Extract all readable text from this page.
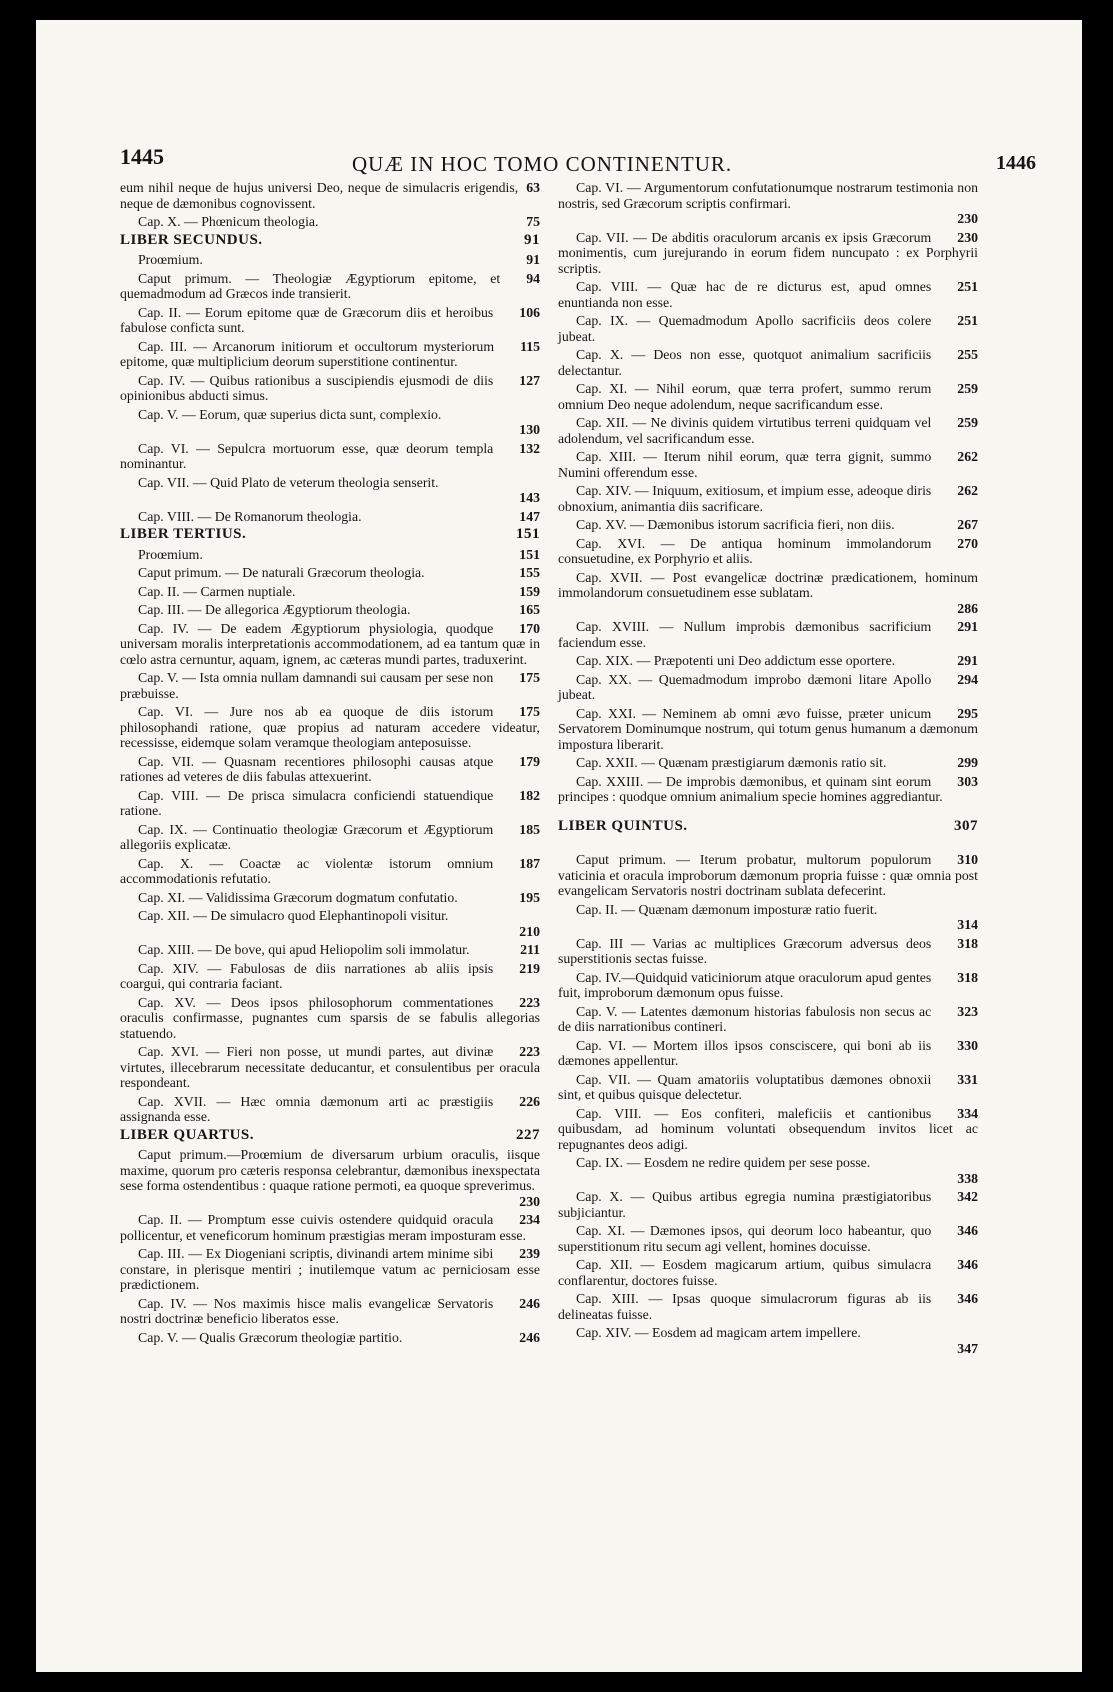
1445	QUÆ IN HOC TOMO CONTINENTUR.	1446
63
eum nihil neque de hujus universi Deo, neque de simulacris erigendis, neque de dæmonibus cognovissent.
75
Cap. X. — Phœnicum theologia.
91
LIBER SECUNDUS.
91
Proœmium.
94
Caput primum. — Theologiæ Ægyptiorum epitome, et quemadmodum ad Græcos inde transierit.
106
Cap. II. — Eorum epitome quæ de Græcorum diis et heroibus fabulose conficta sunt.
115
Cap. III. — Arcanorum initiorum et occultorum mysteriorum epitome, quæ multiplicium deorum superstitione continentur.
127
Cap. IV. — Quibus rationibus a suscipiendis ejusmodi de diis opinionibus abducti simus.
Cap. V. — Eorum, quæ superius dicta sunt, complexio.
130
132
Cap. VI. — Sepulcra mortuorum esse, quæ deorum templa nominantur.
Cap. VII. — Quid Plato de veterum theologia senserit.
143
147
Cap. VIII. — De Romanorum theologia.
151
LIBER TERTIUS.
151
Proœmium.
155
Caput primum. — De naturali Græcorum theologia.
159
Cap. II. — Carmen nuptiale.
165
Cap. III. — De allegorica Ægyptiorum theologia.
170
Cap. IV. — De eadem Ægyptiorum physiologia, quodque universam moralis interpretationis accommodationem, ad ea tantum quæ in cœlo astra cernuntur, aquam, ignem, ac cæteras mundi partes, traduxerint.
175
Cap. V. — Ista omnia nullam damnandi sui causam per sese non præbuisse.
175
Cap. VI. — Jure nos ab ea quoque de diis istorum philosophandi ratione, quæ propius ad naturam accedere videatur, recessisse, eidemque solam veramque theologiam anteposuisse.
179
Cap. VII. — Quasnam recentiores philosophi causas atque rationes ad veteres de diis fabulas attexuerint.
182
Cap. VIII. — De prisca simulacra conficiendi statuendique ratione.
185
Cap. IX. — Continuatio theologiæ Græcorum et Ægyptiorum allegoriis explicatæ.
187
Cap. X. — Coactæ ac violentæ istorum omnium accommodationis refutatio.
195
Cap. XI. — Validissima Græcorum dogmatum confutatio.
Cap. XII. — De simulacro quod Elephantinopoli visitur.
210
211
Cap. XIII. — De bove, qui apud Heliopolim soli immolatur.
219
Cap. XIV. — Fabulosas de diis narrationes ab aliis ipsis coargui, qui contraria faciant.
223
Cap. XV. — Deos ipsos philosophorum commentationes oraculis confirmasse, pugnantes cum sparsis de se fabulis allegorias statuendo.
223
Cap. XVI. — Fieri non posse, ut mundi partes, aut divinæ virtutes, illecebrarum necessitate deducantur, et consulentibus per oracula respondeant.
226
Cap. XVII. — Hæc omnia dæmonum arti ac præstigiis assignanda esse.
227
LIBER QUARTUS.
Caput primum.—Proœmium de diversarum urbium oraculis, iisque maxime, quorum pro cæteris responsa celebrantur, dæmonibus inexspectata sese forma ostendentibus : quaque ratione permoti, ea quoque spreverimus.
230
234
Cap. II. — Promptum esse cuivis ostendere quidquid oracula pollicentur, et veneficorum hominum præstigias meram imposturam esse.
239
Cap. III. — Ex Diogeniani scriptis, divinandi artem minime sibi constare, in plerisque mentiri ; inutilemque vatum ac perniciosam esse prædictionem.
246
Cap. IV. — Nos maximis hisce malis evangelicæ Servatoris nostri doctrinæ beneficio liberatos esse.
246
Cap. V. — Qualis Græcorum theologiæ partitio.
Cap. VI. — Argumentorum confutationumque nostrarum testimonia non nostris, sed Græcorum scriptis confirmari.
230
230
Cap. VII. — De abditis oraculorum arcanis ex ipsis Græcorum monimentis, cum jurejurando in eorum fidem nuncupato : ex Porphyrii scriptis.
251
Cap. VIII. — Quæ hac de re dicturus est, apud omnes enuntianda non esse.
251
Cap. IX. — Quemadmodum Apollo sacrificiis deos colere jubeat.
255
Cap. X. — Deos non esse, quotquot animalium sacrificiis delectantur.
259
Cap. XI. — Nihil eorum, quæ terra profert, summo rerum omnium Deo neque adolendum, neque sacrificandum esse.
259
Cap. XII. — Ne divinis quidem virtutibus terreni quidquam vel adolendum, vel sacrificandum esse.
262
Cap. XIII. — Iterum nihil eorum, quæ terra gignit, summo Numini offerendum esse.
262
Cap. XIV. — Iniquum, exitiosum, et impium esse, adeoque diris obnoxium, animantia diis sacrificare.
267
Cap. XV. — Dæmonibus istorum sacrificia fieri, non diis.
270
Cap. XVI. — De antiqua hominum immolandorum consuetudine, ex Porphyrio et aliis.
Cap. XVII. — Post evangelicæ doctrinæ prædicationem, hominum immolandorum consuetudinem esse sublatam.
286
291
Cap. XVIII. — Nullum improbis dæmonibus sacrificium faciendum esse.
291
Cap. XIX. — Præpotenti uni Deo addictum esse oportere.
294
Cap. XX. — Quemadmodum improbo dæmoni litare Apollo jubeat.
295
Cap. XXI. — Neminem ab omni ævo fuisse, præter unicum Servatorem Dominumque nostrum, qui totum genus humanum a dæmonum impostura liberarit.
299
Cap. XXII. — Quænam præstigiarum dæmonis ratio sit.
303
Cap. XXIII. — De improbis dæmonibus, et quinam sint eorum principes : quodque omnium animalium specie homines aggrediantur.
307
LIBER QUINTUS.
310
Caput primum. — Iterum probatur, multorum populorum vaticinia et oracula improborum dæmonum propria fuisse : quæ omnia post evangelicam Servatoris nostri doctrinam sublata defecerint.
Cap. II. — Quænam dæmonum imposturæ ratio fuerit.
314
318
Cap. III — Varias ac multiplices Græcorum adversus deos superstitionis sectas fuisse.
318
Cap. IV.—Quidquid vaticiniorum atque oraculorum apud gentes fuit, improborum dæmonum opus fuisse.
323
Cap. V. — Latentes dæmonum historias fabulosis non secus ac de diis narrationibus contineri.
330
Cap. VI. — Mortem illos ipsos consciscere, qui boni ab iis dæmones appellentur.
331
Cap. VII. — Quam amatoriis voluptatibus dæmones obnoxii sint, et quibus quisque delectetur.
334
Cap. VIII. — Eos confiteri, maleficiis et cantionibus quibusdam, ad hominum voluntati obsequendum invitos licet ac repugnantes deos adigi.
Cap. IX. — Eosdem ne redire quidem per sese posse.
338
342
Cap. X. — Quibus artibus egregia numina præstigiatoribus subjiciantur.
346
Cap. XI. — Dæmones ipsos, qui deorum loco habeantur, quo superstitionum ritu secum agi vellent, homines docuisse.
346
Cap. XII. — Eosdem magicarum artium, quibus simulacra conflarentur, doctores fuisse.
346
Cap. XIII. — Ipsas quoque simulacrorum figuras ab iis delineatas fuisse.
Cap. XIV. — Eosdem ad magicam artem impellere.
347
